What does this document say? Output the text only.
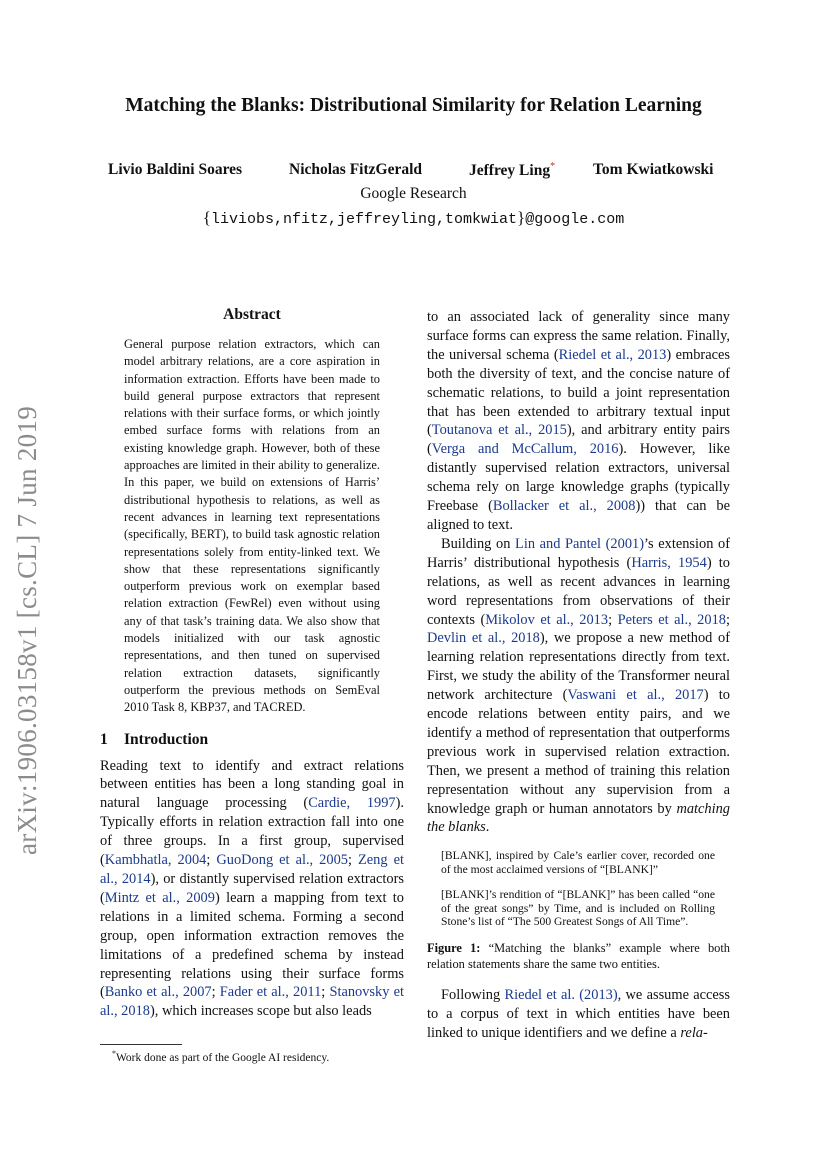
arXiv:1906.03158v1 [cs.CL] 7 Jun 2019
Matching the Blanks: Distributional Similarity for Relation Learning
Livio Baldini Soares	Nicholas FitzGerald	Jeffrey Ling* Tom Kwiatkowski
Google Research
{liviobs,nfitz,jeffreyling,tomkwiat}@google.com
Abstract
General purpose relation extractors, which can model arbitrary relations, are a core aspiration in information extraction. Efforts have been made to build general purpose extractors that represent relations with their surface forms, or which jointly embed surface forms with relations from an existing knowledge graph. However, both of these approaches are limited in their ability to generalize. In this paper, we build on extensions of Harris’ distributional hypothesis to relations, as well as recent advances in learning text representations (specifically, BERT), to build task agnostic relation representations solely from entity-linked text. We show that these representations significantly outperform previous work on exemplar based relation extraction (FewRel) even without using any of that task’s training data. We also show that models initialized with our task agnostic representations, and then tuned on supervised relation extraction datasets, significantly outperform the previous methods on SemEval 2010 Task 8, KBP37, and TACRED.
1 Introduction

Reading text to identify and extract relations between entities has been a long standing goal in natural language processing (Cardie, 1997). Typically efforts in relation extraction fall into one of three groups. In a first group, supervised (Kambhatla, 2004; GuoDong et al., 2005; Zeng et al., 2014), or distantly supervised relation extractors (Mintz et al., 2009) learn a mapping from text to relations in a limited schema. Forming a second group, open information extraction removes the limitations of a predefined schema by instead representing relations using their surface forms (Banko et al., 2007; Fader et al., 2011; Stanovsky et al., 2018), which increases scope but also leads

*Work done as part of the Google AI residency.

to an associated lack of generality since many surface forms can express the same relation. Finally, the universal schema (Riedel et al., 2013) embraces both the diversity of text, and the concise nature of schematic relations, to build a joint representation that has been extended to arbitrary textual input (Toutanova et al., 2015), and arbitrary entity pairs (Verga and McCallum, 2016). However, like distantly supervised relation extractors, universal schema rely on large knowledge graphs (typically Freebase (Bollacker et al., 2008)) that can be aligned to text.

Building on Lin and Pantel (2001)’s extension of Harris’ distributional hypothesis (Harris, 1954) to relations, as well as recent advances in learning word representations from observations of their contexts (Mikolov et al., 2013; Peters et al., 2018; Devlin et al., 2018), we propose a new method of learning relation representations directly from text. First, we study the ability of the Transformer neural network architecture (Vaswani et al., 2017) to encode relations between entity pairs, and we identify a method of representation that outperforms previous work in supervised relation extraction. Then, we present a method of training this relation representation without any supervision from a knowledge graph or human annotators by matching the blanks.

[BLANK], inspired by Cale’s earlier cover, recorded one of the most acclaimed versions of “[BLANK]”

[BLANK]’s rendition of “[BLANK]” has been called “one of the great songs” by Time, and is included on Rolling Stone’s list of “The 500 Greatest Songs of All Time”.

Figure 1: “Matching the blanks” example where both relation statements share the same two entities.

Following Riedel et al. (2013), we assume access to a corpus of text in which entities have been linked to unique identifiers and we define a rela-
